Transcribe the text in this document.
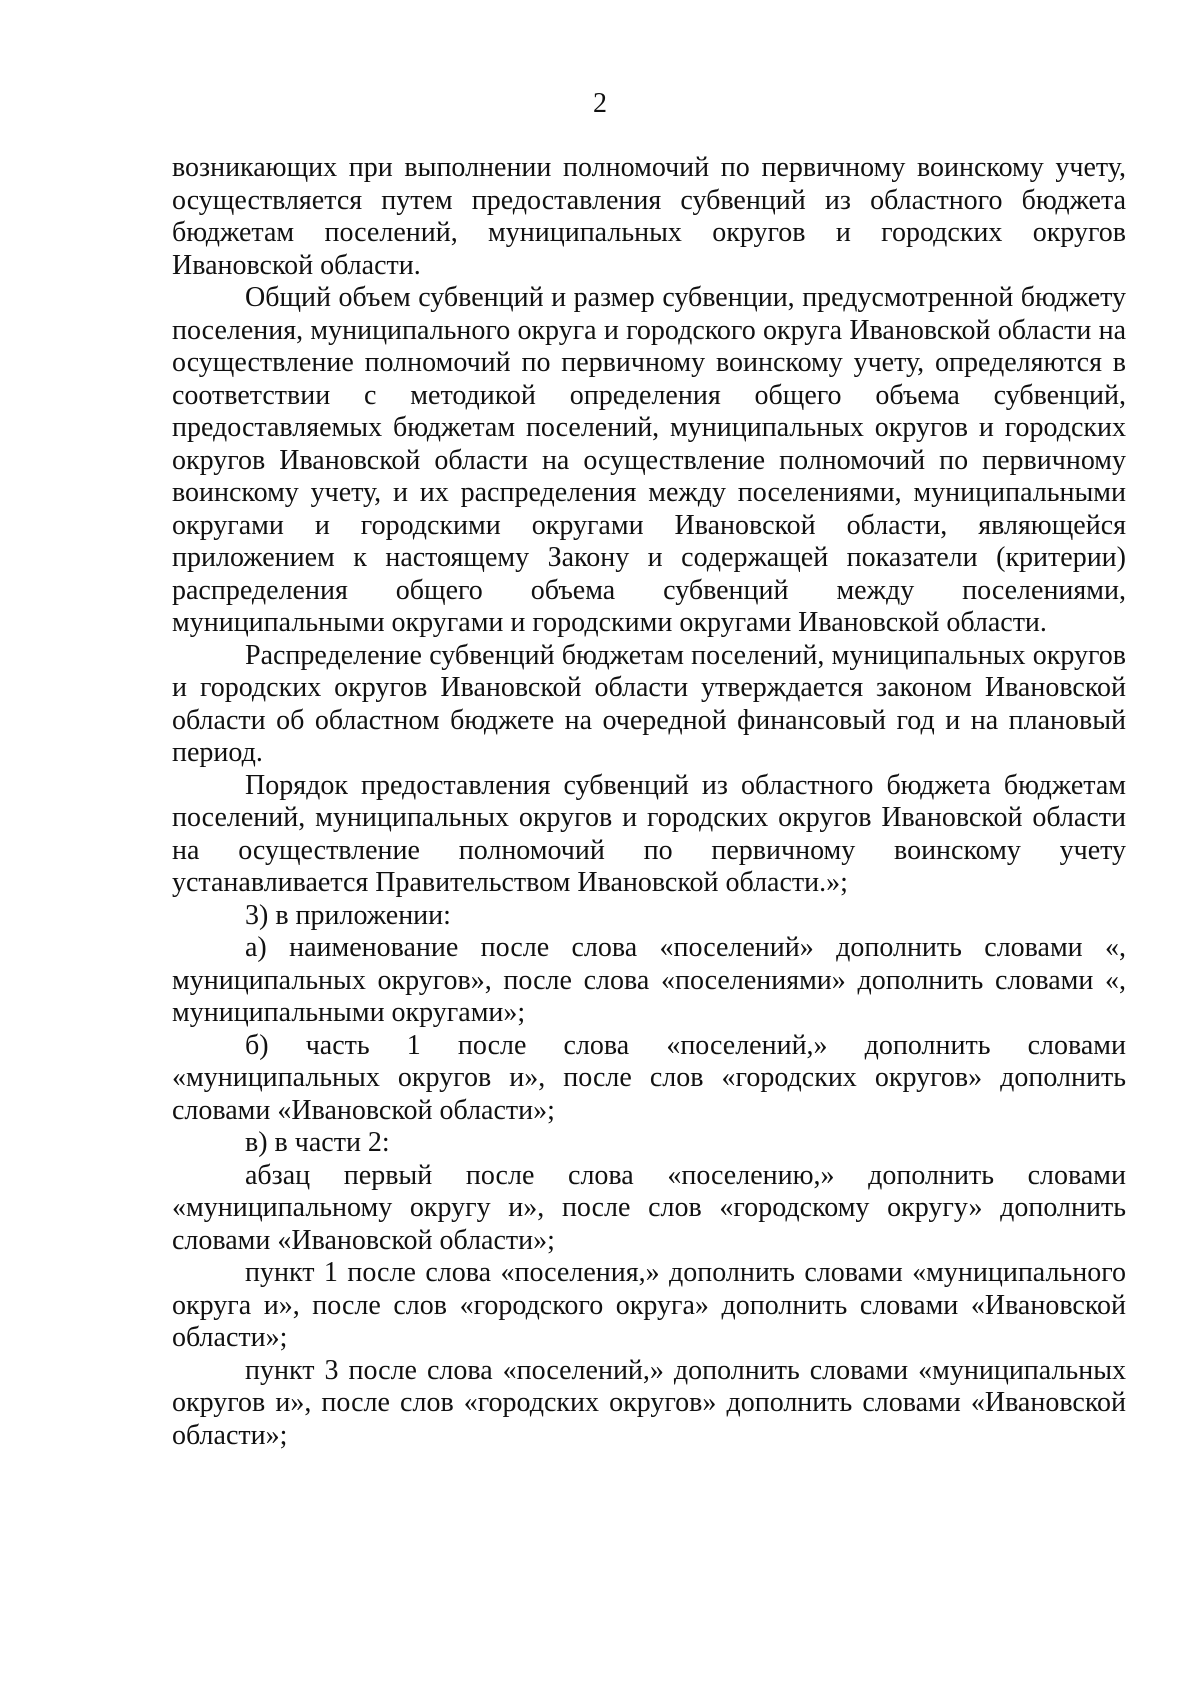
2

возникающих при выполнении полномочий по первичному воинскому учету, осуществляется путем предоставления субвенций из областного бюджета бюджетам поселений, муниципальных округов и городских округов Ивановской области.

Общий объем субвенций и размер субвенции, предусмотренной бюджету поселения, муниципального округа и городского округа Ивановской области на осуществление полномочий по первичному воинскому учету, определяются в соответствии с методикой определения общего объема субвенций, предоставляемых бюджетам поселений, муниципальных округов и городских округов Ивановской области на осуществление полномочий по первичному воинскому учету, и их распределения между поселениями, муниципальными округами и городскими округами Ивановской области, являющейся приложением к настоящему Закону и содержащей показатели (критерии) распределения общего объема субвенций между поселениями, муниципальными округами и городскими округами Ивановской области.

Распределение субвенций бюджетам поселений, муниципальных округов и городских округов Ивановской области утверждается законом Ивановской области об областном бюджете на очередной финансовый год и на плановый период.

Порядок предоставления субвенций из областного бюджета бюджетам поселений, муниципальных округов и городских округов Ивановской области на осуществление полномочий по первичному воинскому учету устанавливается Правительством Ивановской области.»;

3) в приложении:

а) наименование после слова «поселений» дополнить словами «, муниципальных округов», после слова «поселениями» дополнить словами «, муниципальными округами»;

б) часть 1 после слова «поселений,» дополнить словами «муниципальных округов и», после слов «городских округов» дополнить словами «Ивановской области»;

в) в части 2:

абзац первый после слова «поселению,» дополнить словами «муниципальному округу и», после слов «городскому округу» дополнить словами «Ивановской области»;

пункт 1 после слова «поселения,» дополнить словами «муниципального округа и», после слов «городского округа» дополнить словами «Ивановской области»;

пункт 3 после слова «поселений,» дополнить словами «муниципальных округов и», после слов «городских округов» дополнить словами «Ивановской области»;
